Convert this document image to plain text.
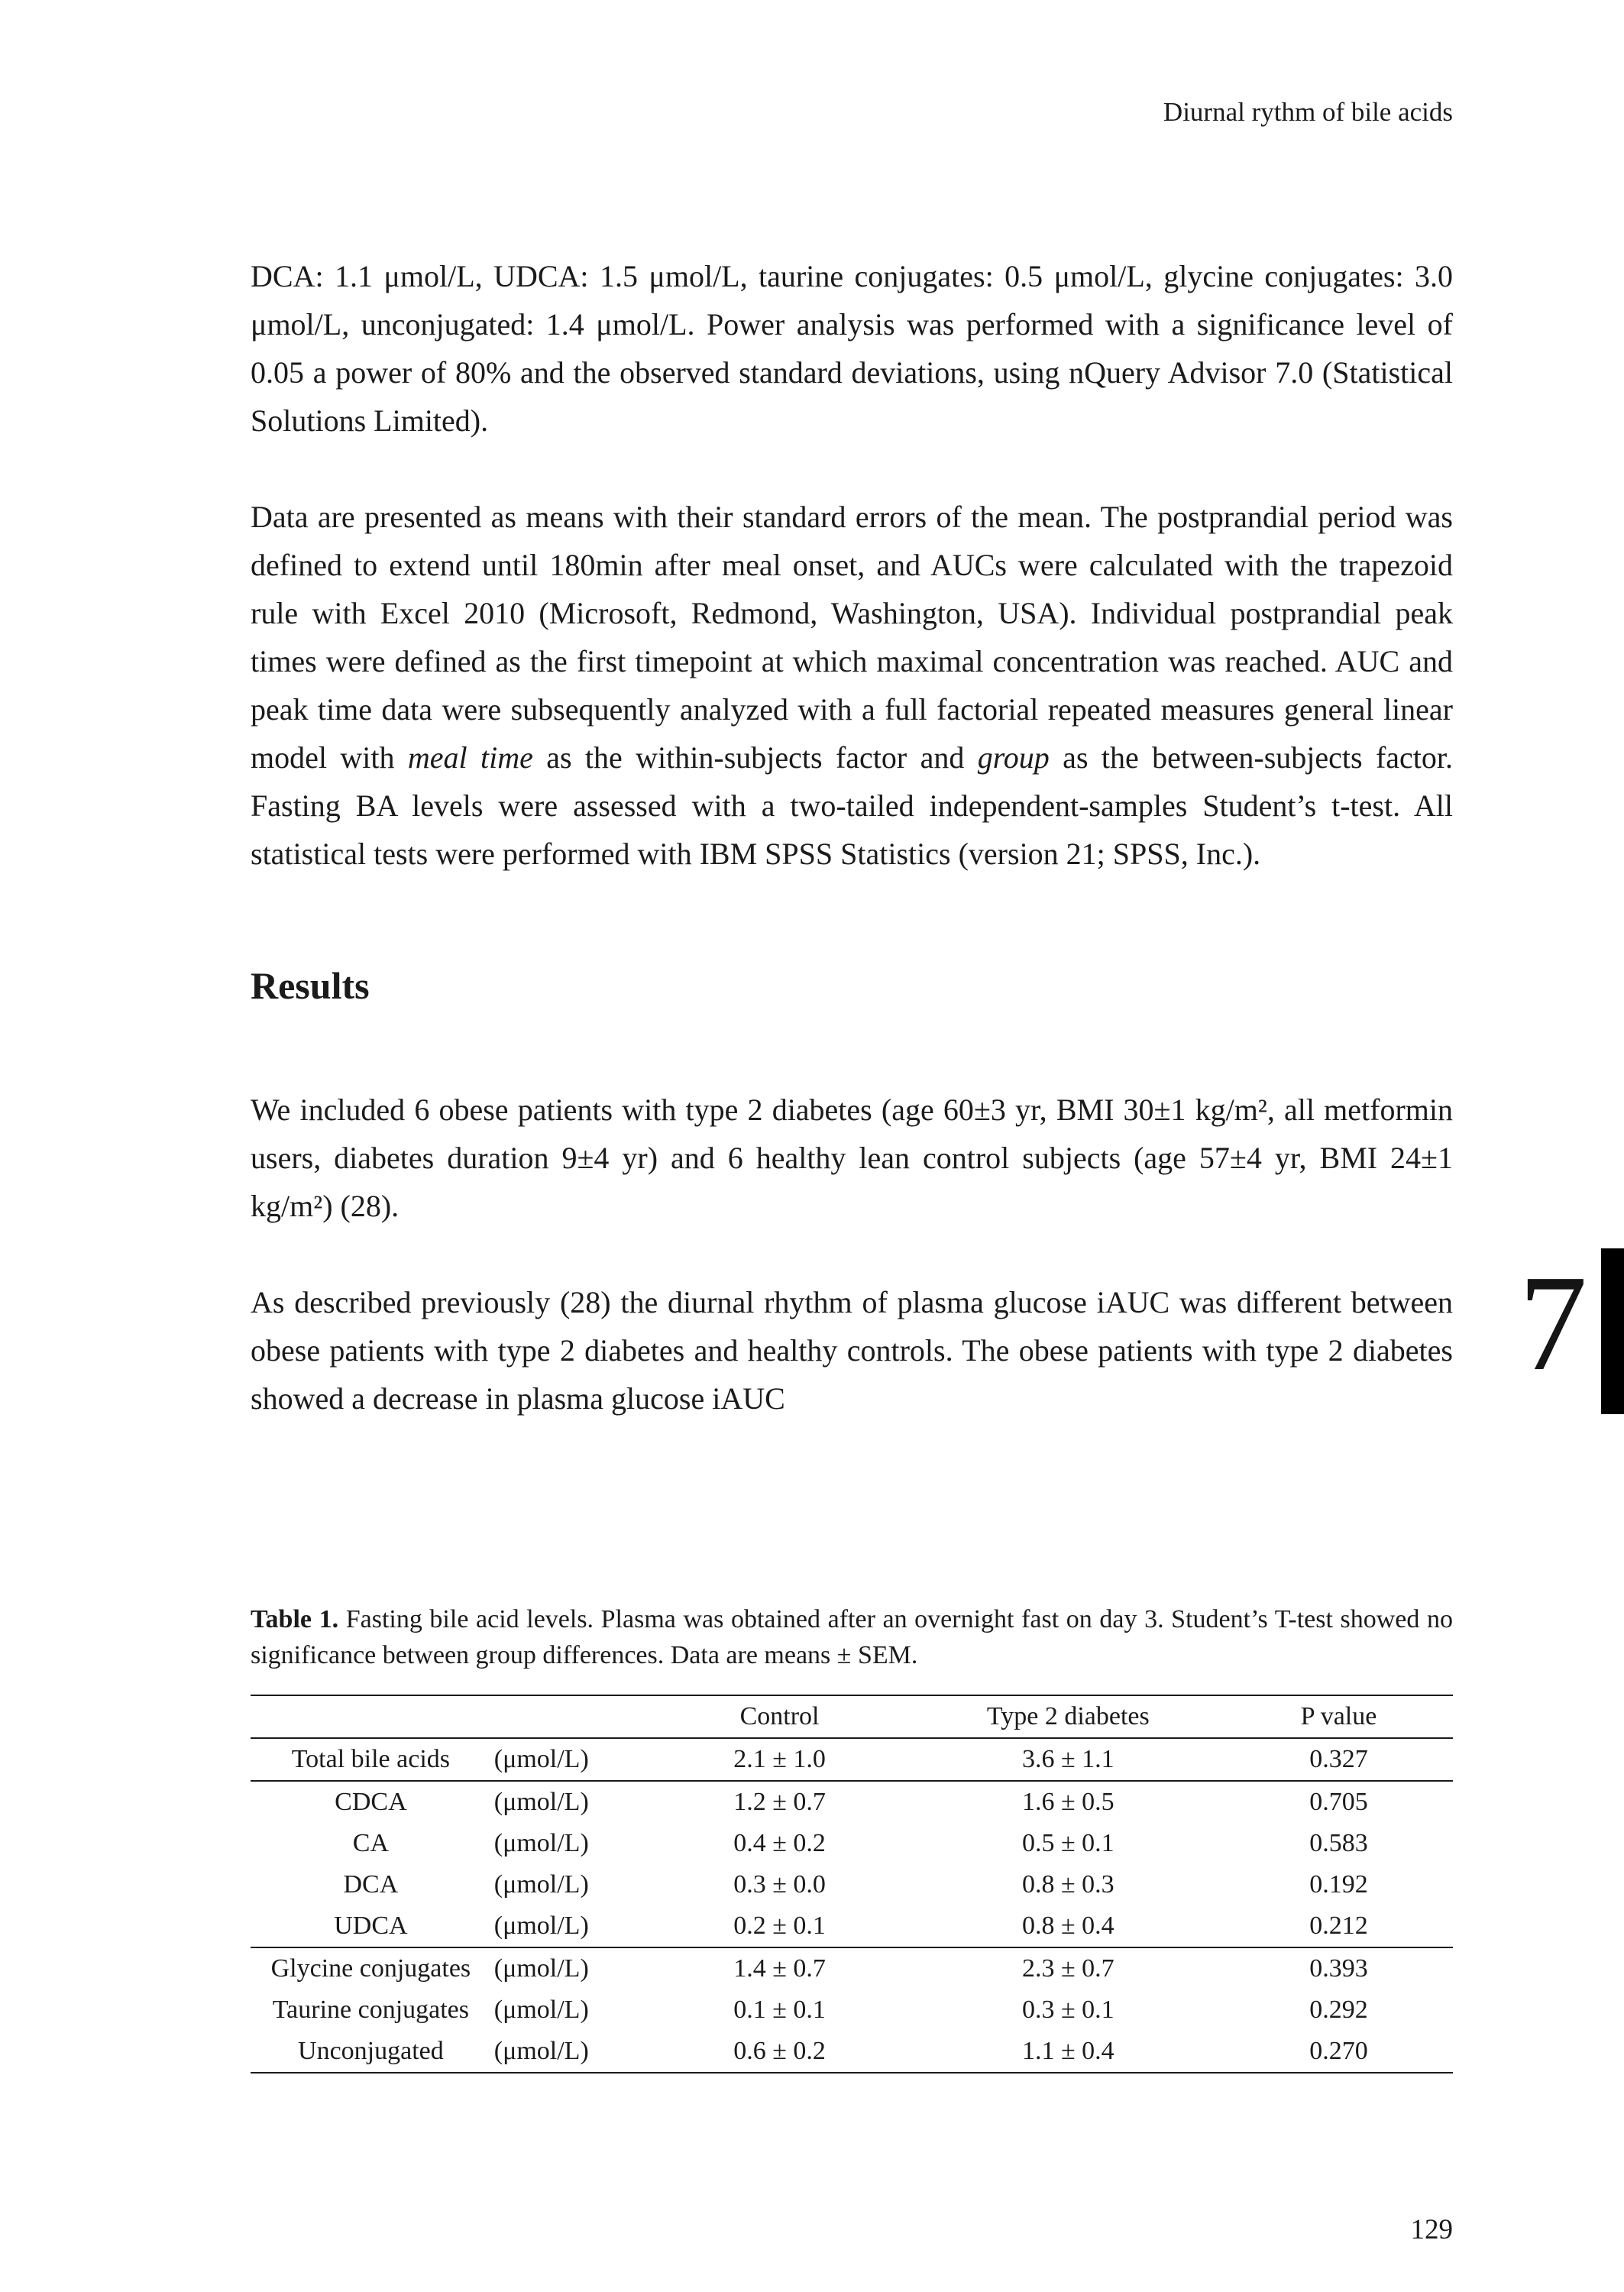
Diurnal rythm of bile acids

DCA: 1.1 μmol/L, UDCA: 1.5 μmol/L, taurine conjugates: 0.5 μmol/L, glycine conjugates: 3.0 μmol/L, unconjugated: 1.4 μmol/L. Power analysis was performed with a significance level of 0.05 a power of 80% and the observed standard deviations, using nQuery Advisor 7.0 (Statistical Solutions Limited).

Data are presented as means with their standard errors of the mean. The postprandial period was defined to extend until 180min after meal onset, and AUCs were calculated with the trapezoid rule with Excel 2010 (Microsoft, Redmond, Washington, USA). Individual postprandial peak times were defined as the first timepoint at which maximal concentration was reached. AUC and peak time data were subsequently analyzed with a full factorial repeated measures general linear model with meal time as the within-subjects factor and group as the between-subjects factor. Fasting BA levels were assessed with a two-tailed independent-samples Student’s t-test. All statistical tests were performed with IBM SPSS Statistics (version 21; SPSS, Inc.).

Results

We included 6 obese patients with type 2 diabetes (age 60±3 yr, BMI 30±1 kg/m², all metformin users, diabetes duration 9±4 yr) and 6 healthy lean control subjects (age 57±4 yr, BMI 24±1 kg/m²) (28).

As described previously (28) the diurnal rhythm of plasma glucose iAUC was different between obese patients with type 2 diabetes and healthy controls. The obese patients with type 2 diabetes showed a decrease in plasma glucose iAUC

Table 1. Fasting bile acid levels. Plasma was obtained after an overnight fast on day 3. Student’s T-test showed no significance between group differences. Data are means ± SEM.
		Control	Type 2 diabetes	P value
Total bile acids	(μmol/L)	2.1 ± 1.0	3.6 ± 1.1	0.327
CDCA	(μmol/L)	1.2 ± 0.7	1.6 ± 0.5	0.705
CA	(μmol/L)	0.4 ± 0.2	0.5 ± 0.1	0.583
DCA	(μmol/L)	0.3 ± 0.0	0.8 ± 0.3	0.192
UDCA	(μmol/L)	0.2 ± 0.1	0.8 ± 0.4	0.212
Glycine conjugates	(μmol/L)	1.4 ± 0.7	2.3 ± 0.7	0.393
Taurine conjugates	(μmol/L)	0.1 ± 0.1	0.3 ± 0.1	0.292
Unconjugated	(μmol/L)	0.6 ± 0.2	1.1 ± 0.4	0.270
7
129
